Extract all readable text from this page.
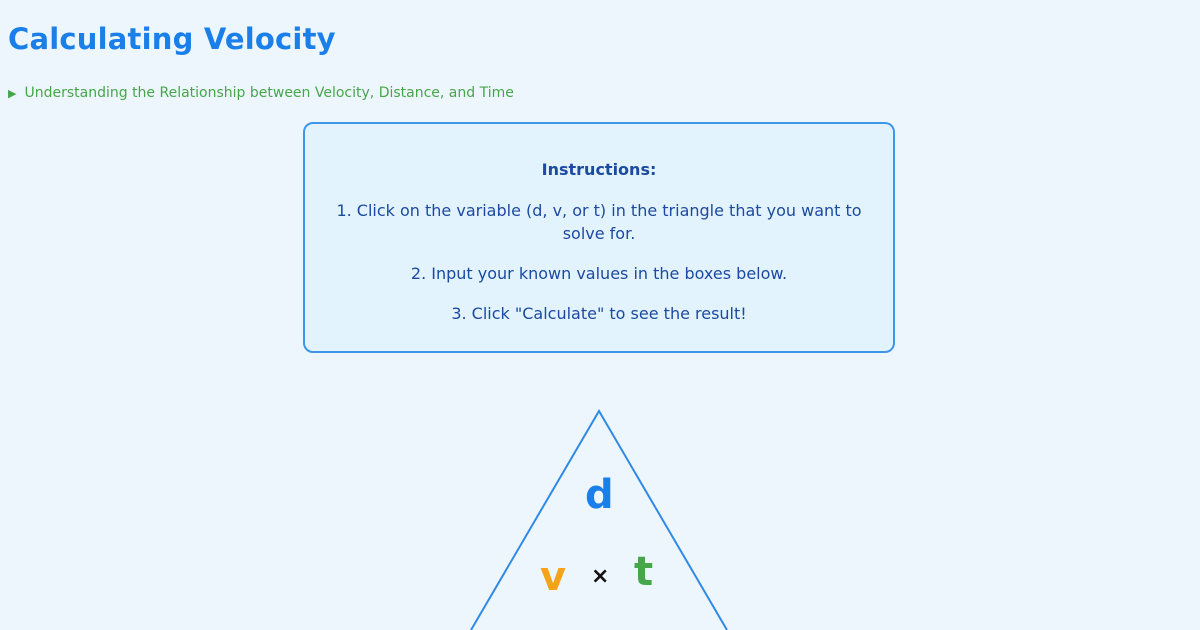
Calculating Velocity
▶ Understanding the Relationship between Velocity, Distance, and Time
Instructions:
1. Click on the variable (d, v, or t) in the triangle that you want to solve for.
2. Input your known values in the boxes below.
3. Click "Calculate" to see the result!
d
v × t
